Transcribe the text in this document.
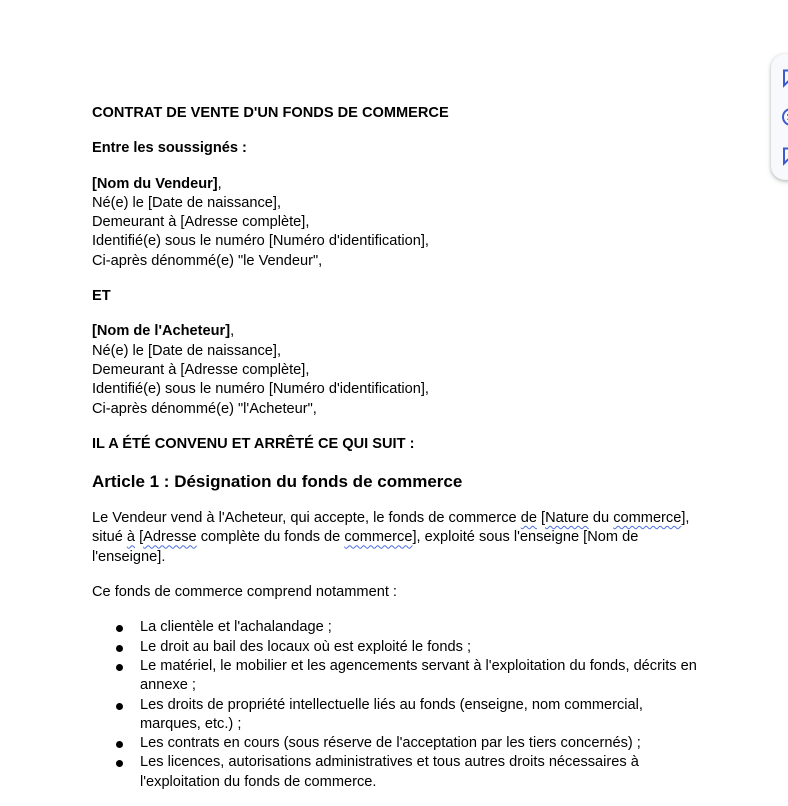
CONTRAT DE VENTE D'UN FONDS DE COMMERCE
Entre les soussignés :
[Nom du Vendeur],
Né(e) le [Date de naissance],
Demeurant à [Adresse complète],
Identifié(e) sous le numéro [Numéro d'identification],
Ci-après dénommé(e) "le Vendeur",
ET
[Nom de l'Acheteur],
Né(e) le [Date de naissance],
Demeurant à [Adresse complète],
Identifié(e) sous le numéro [Numéro d'identification],
Ci-après dénommé(e) "l'Acheteur",
IL A ÉTÉ CONVENU ET ARRÊTÉ CE QUI SUIT :
Article 1 : Désignation du fonds de commerce
Le Vendeur vend à l'Acheteur, qui accepte, le fonds de commerce de [Nature du commerce],
situé à [Adresse complète du fonds de commerce], exploité sous l'enseigne [Nom de
l'enseigne].
Ce fonds de commerce comprend notamment :
La clientèle et l'achalandage ;
Le droit au bail des locaux où est exploité le fonds ;
Le matériel, le mobilier et les agencements servant à l'exploitation du fonds, décrits en annexe ;
Les droits de propriété intellectuelle liés au fonds (enseigne, nom commercial, marques, etc.) ;
Les contrats en cours (sous réserve de l'acceptation par les tiers concernés) ;
Les licences, autorisations administratives et tous autres droits nécessaires à l'exploitation du fonds de commerce.
